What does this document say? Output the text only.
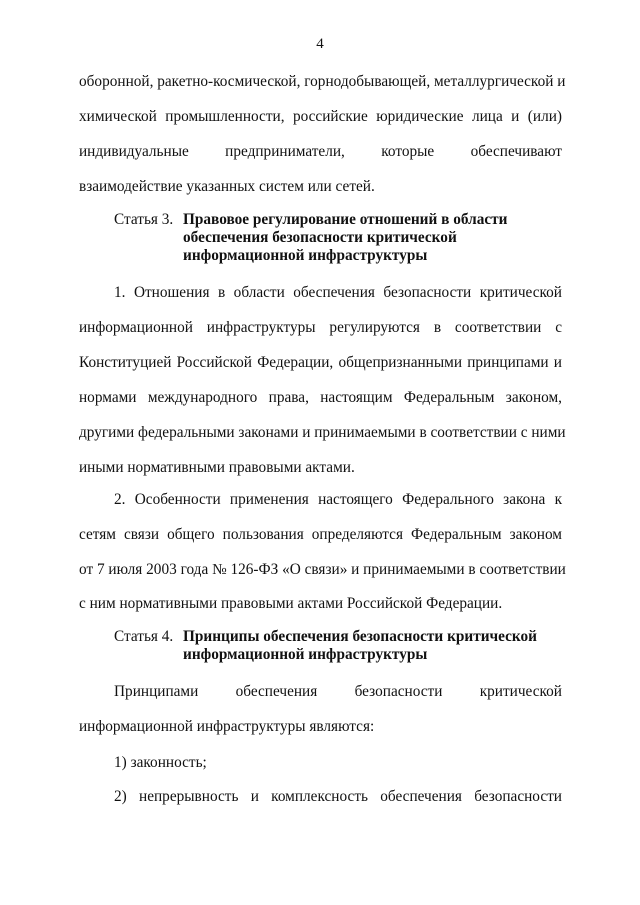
4
оборонной, ракетно-космической, горнодобывающей, металлургической и
химической промышленности, российские юридические лица и (или)
индивидуальные предприниматели, которые обеспечивают
взаимодействие указанных систем или сетей.
Статья 3. Правовое регулирование отношений в области
обеспечения безопасности критической
информационной инфраструктуры
1. Отношения в области обеспечения безопасности критической
информационной инфраструктуры регулируются в соответствии с
Конституцией Российской Федерации, общепризнанными принципами и
нормами международного права, настоящим Федеральным законом,
другими федеральными законами и принимаемыми в соответствии с ними
иными нормативными правовыми актами.
2. Особенности применения настоящего Федерального закона к
сетям связи общего пользования определяются Федеральным законом
от 7 июля 2003 года № 126-ФЗ «О связи» и принимаемыми в соответствии
с ним нормативными правовыми актами Российской Федерации.
Статья 4. Принципы обеспечения безопасности критической
информационной инфраструктуры
Принципами обеспечения безопасности критической
информационной инфраструктуры являются:
1) законность;
2) непрерывность и комплексность обеспечения безопасности
